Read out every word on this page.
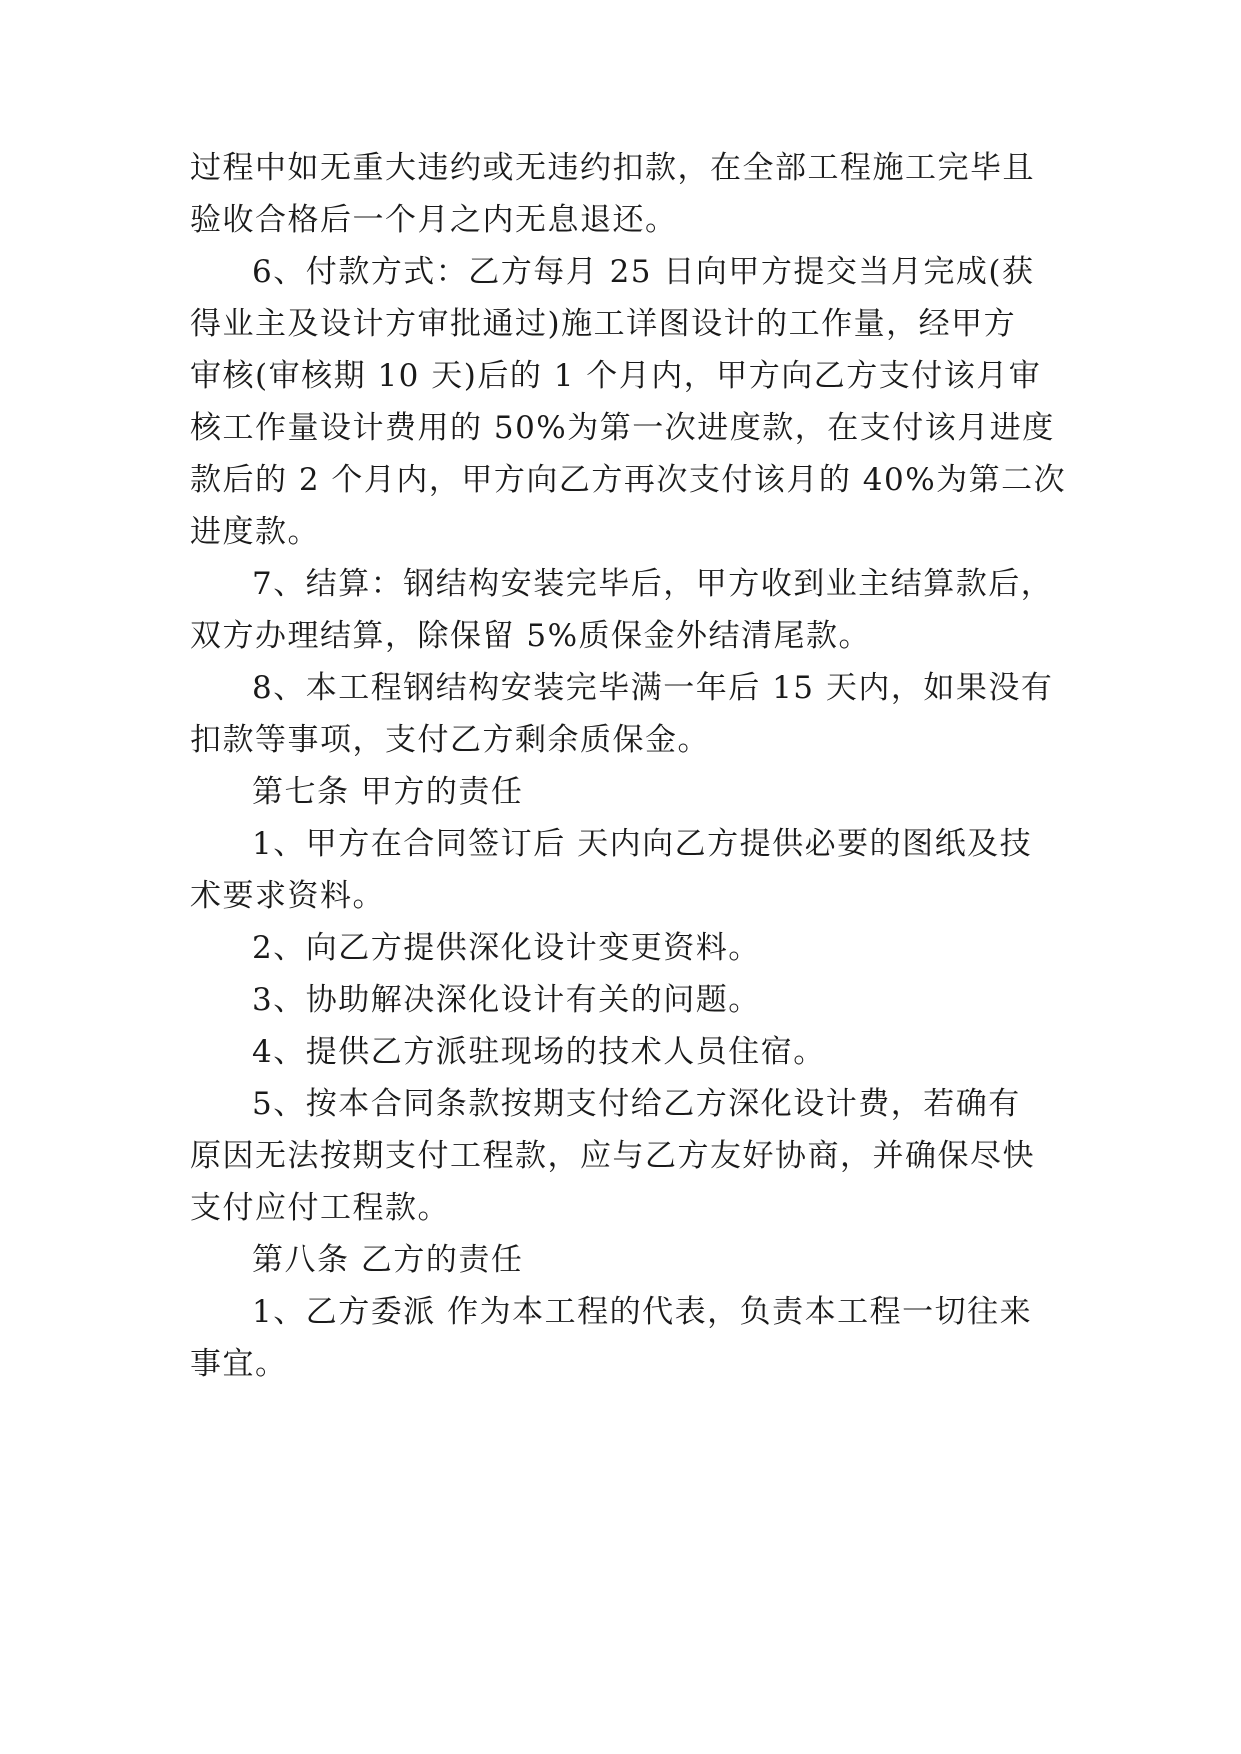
过程中如无重大违约或无违约扣款，在全部工程施工完毕且
验收合格后一个月之内无息退还。
6、付款方式：乙方每月 25 日向甲方提交当月完成(获
得业主及设计方审批通过)施工详图设计的工作量，经甲方
审核(审核期 10 天)后的 1 个月内，甲方向乙方支付该月审
核工作量设计费用的 50%为第一次进度款，在支付该月进度
款后的 2 个月内，甲方向乙方再次支付该月的 40%为第二次
进度款。
7、结算：钢结构安装完毕后，甲方收到业主结算款后，
双方办理结算，除保留 5%质保金外结清尾款。
8、本工程钢结构安装完毕满一年后 15 天内，如果没有
扣款等事项，支付乙方剩余质保金。
第七条 甲方的责任
1、甲方在合同签订后 天内向乙方提供必要的图纸及技
术要求资料。
2、向乙方提供深化设计变更资料。
3、协助解决深化设计有关的问题。
4、提供乙方派驻现场的技术人员住宿。
5、按本合同条款按期支付给乙方深化设计费，若确有
原因无法按期支付工程款，应与乙方友好协商，并确保尽快
支付应付工程款。
第八条 乙方的责任
1、乙方委派 作为本工程的代表，负责本工程一切往来
事宜。
